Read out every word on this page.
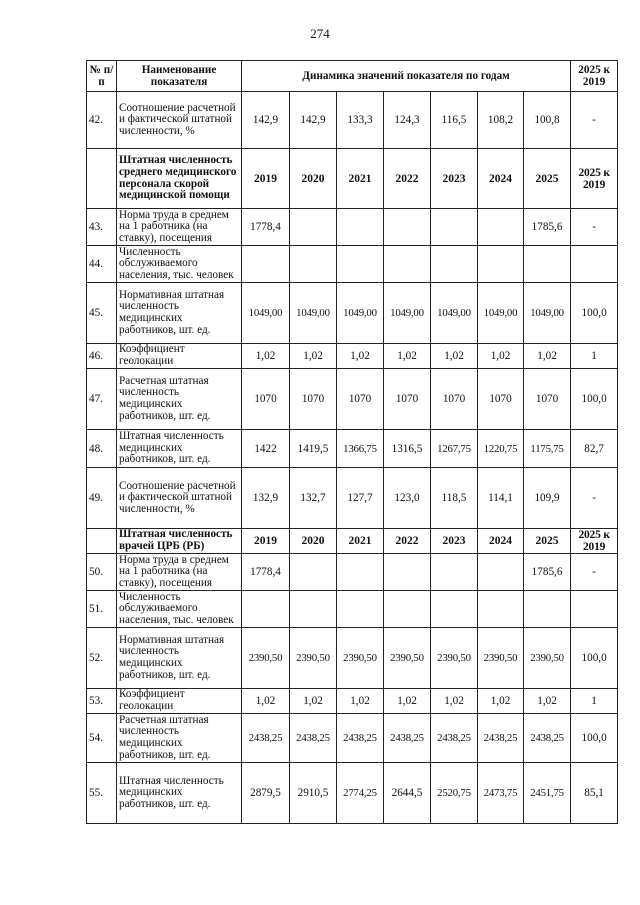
274
№ п/п	Наименование показателя	Динамика значений показателя по годам							2025 к 2019
42.	Соотношение расчетной и фактической штатной численности, %	142,9	142,9	133,3	124,3	116,5	108,2	100,8	-
	Штатная численность среднего медицинского персонала скорой медицинской помощи	2019	2020	2021	2022	2023	2024	2025	2025 к 2019
43.	Норма труда в среднем на 1 работника (на ставку), посещения	1778,4						1785,6	-
44.	Численность обслуживаемого населения, тыс. человек								
45.	Нормативная штатная численность медицинских работников, шт. ед.	1049,00	1049,00	1049,00	1049,00	1049,00	1049,00	1049,00	100,0
46.	Коэффициент геолокации	1,02	1,02	1,02	1,02	1,02	1,02	1,02	1
47.	Расчетная штатная численность медицинских работников, шт. ед.	1070	1070	1070	1070	1070	1070	1070	100,0
48.	Штатная численность медицинских работников, шт. ед.	1422	1419,5	1366,75	1316,5	1267,75	1220,75	1175,75	82,7
49.	Соотношение расчетной и фактической штатной численности, %	132,9	132,7	127,7	123,0	118,5	114,1	109,9	-
	Штатная численность врачей ЦРБ (РБ)	2019	2020	2021	2022	2023	2024	2025	2025 к 2019
50.	Норма труда в среднем на 1 работника (на ставку), посещения	1778,4						1785,6	-
51.	Численность обслуживаемого населения, тыс. человек								
52.	Нормативная штатная численность медицинских работников, шт. ед.	2390,50	2390,50	2390,50	2390,50	2390,50	2390,50	2390,50	100,0
53.	Коэффициент геолокации	1,02	1,02	1,02	1,02	1,02	1,02	1,02	1
54.	Расчетная штатная численность медицинских работников, шт. ед.	2438,25	2438,25	2438,25	2438,25	2438,25	2438,25	2438,25	100,0
55.	Штатная численность медицинских работников, шт. ед.	2879,5	2910,5	2774,25	2644,5	2520,75	2473,75	2451,75	85,1
